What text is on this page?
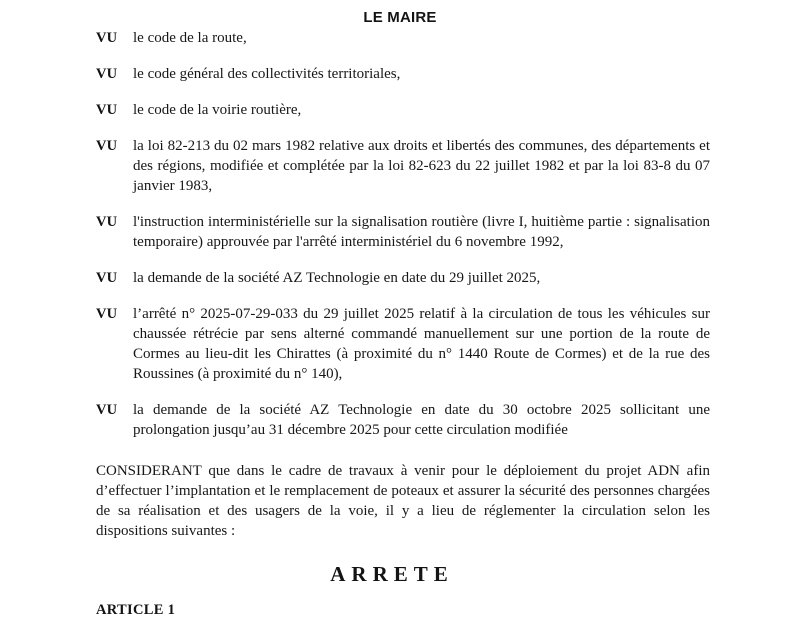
LE MAIRE
VU	le code de la route,
VU	le code général des collectivités territoriales,
VU	le code de la voirie routière,
VU	la loi 82-213 du 02 mars 1982 relative aux droits et libertés des communes, des départements et des régions, modifiée et complétée par la loi 82-623 du 22 juillet 1982 et par la loi 83-8 du 07 janvier 1983,
VU	l'instruction interministérielle sur la signalisation routière (livre I, huitième partie : signalisation temporaire) approuvée par l'arrêté interministériel du 6 novembre 1992,
VU	la demande de la société AZ Technologie en date du 29 juillet 2025,
VU	l’arrêté n° 2025-07-29-033 du 29 juillet 2025 relatif à la circulation de tous les véhicules sur chaussée rétrécie par sens alterné commandé manuellement sur une portion de la route de Cormes au lieu-dit les Chirattes (à proximité du n° 1440 Route de Cormes) et de la rue des Roussines (à proximité du n° 140),
VU	la demande de la société AZ Technologie en date du 30 octobre 2025 sollicitant une prolongation jusqu’au 31 décembre 2025 pour cette circulation modifiée

CONSIDERANT que dans le cadre de travaux à venir pour le déploiement du projet ADN afin d’effectuer l’implantation et le remplacement de poteaux et assurer la sécurité des personnes chargées de sa réalisation et des usagers de la voie, il y a lieu de réglementer la circulation selon les dispositions suivantes :

ARRETE
ARTICLE 1
